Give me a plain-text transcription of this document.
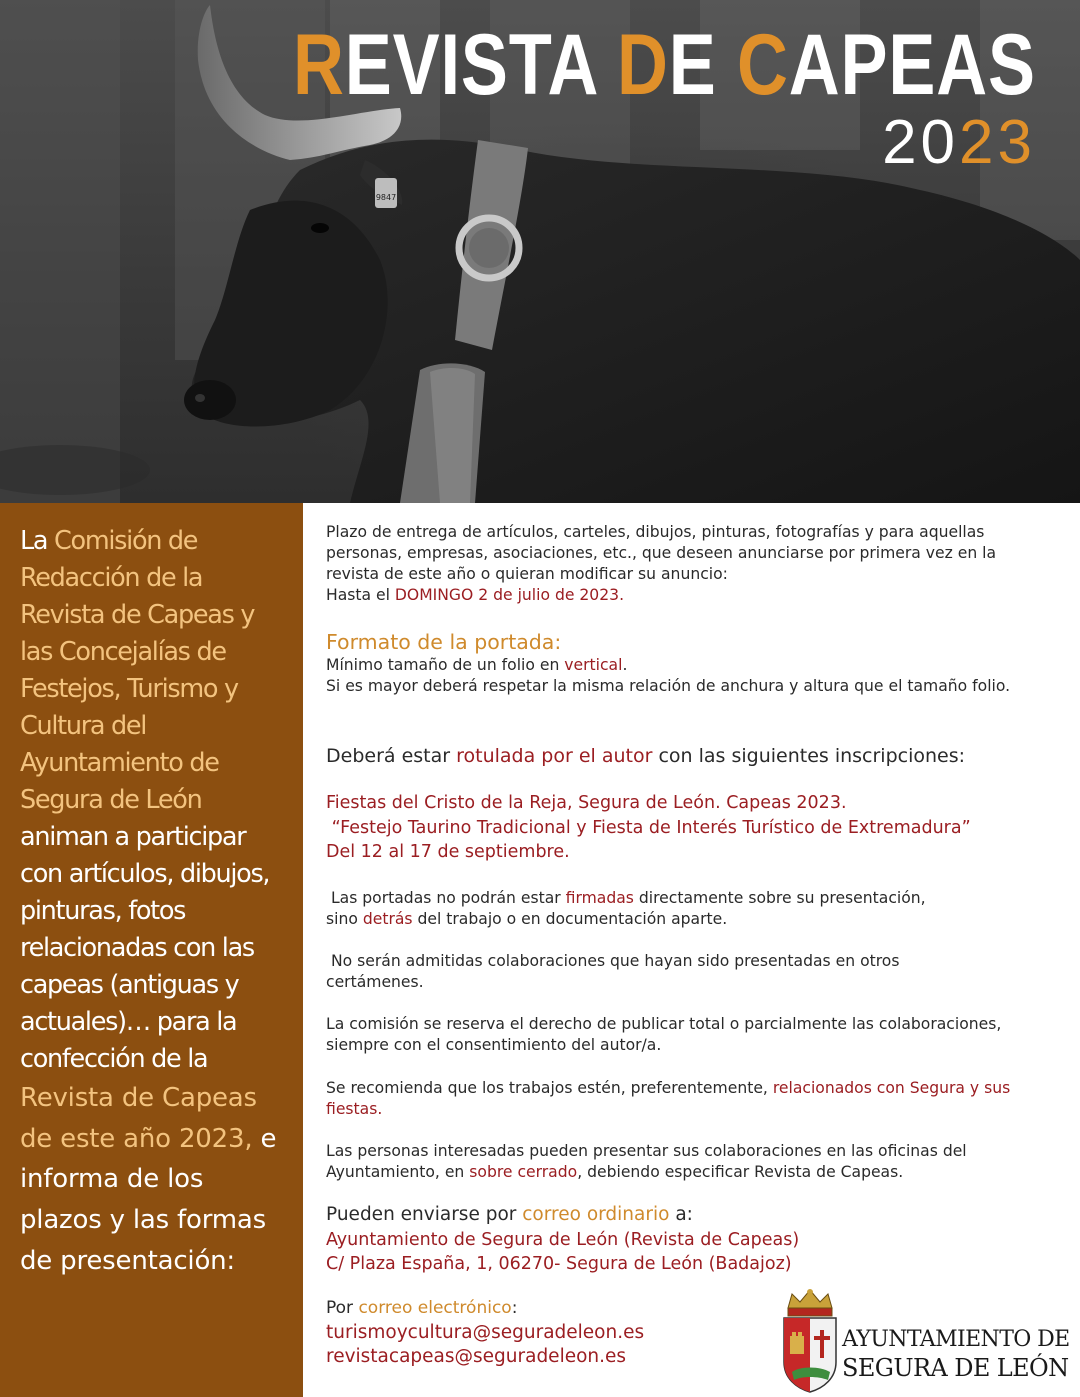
9847
REVISTA DE CAPEAS
2023

La Comisión de Redacción de la Revista de Capeas y las Concejalías de Festejos, Turismo y Cultura del Ayuntamiento de Segura de León animan a participar con artículos, dibujos, pinturas, fotos relacionadas con las capeas (antiguas y actuales)… para la confección de la

Revista de Capeas de este año 2023, e informa de los plazos y las formas de presentación:

Plazo de entrega de artículos, carteles, dibujos, pinturas, fotografías y para aquellas personas, empresas, asociaciones, etc., que deseen anunciarse por primera vez en la revista de este año o quieran modificar su anuncio:
Hasta el DOMINGO 2 de julio de 2023.
Formato de la portada:
Mínimo tamaño de un folio en vertical.
Si es mayor deberá respetar la misma relación de anchura y altura que el tamaño folio.
Deberá estar rotulada por el autor con las siguientes inscripciones:
Fiestas del Cristo de la Reja, Segura de León. Capeas 2023.
“Festejo Taurino Tradicional y Fiesta de Interés Turístico de Extremadura”
Del 12 al 17 de septiembre.
Las portadas no podrán estar firmadas directamente sobre su presentación,
sino detrás del trabajo o en documentación aparte.
No serán admitidas colaboraciones que hayan sido presentadas en otros certámenes.
La comisión se reserva el derecho de publicar total o parcialmente las colaboraciones, siempre con el consentimiento del autor/a.
Se recomienda que los trabajos estén, preferentemente, relacionados con Segura y sus fiestas.
Las personas interesadas pueden presentar sus colaboraciones en las oficinas del Ayuntamiento, en sobre cerrado, debiendo especificar Revista de Capeas.
Pueden enviarse por correo ordinario a:
Ayuntamiento de Segura de León (Revista de Capeas)
C/ Plaza España, 1, 06270- Segura de León (Badajoz)
Por correo electrónico:
turismoycultura@seguradeleon.es
revistacapeas@seguradeleon.es
AYUNTAMIENTO DE
SEGURA DE LEÓN
